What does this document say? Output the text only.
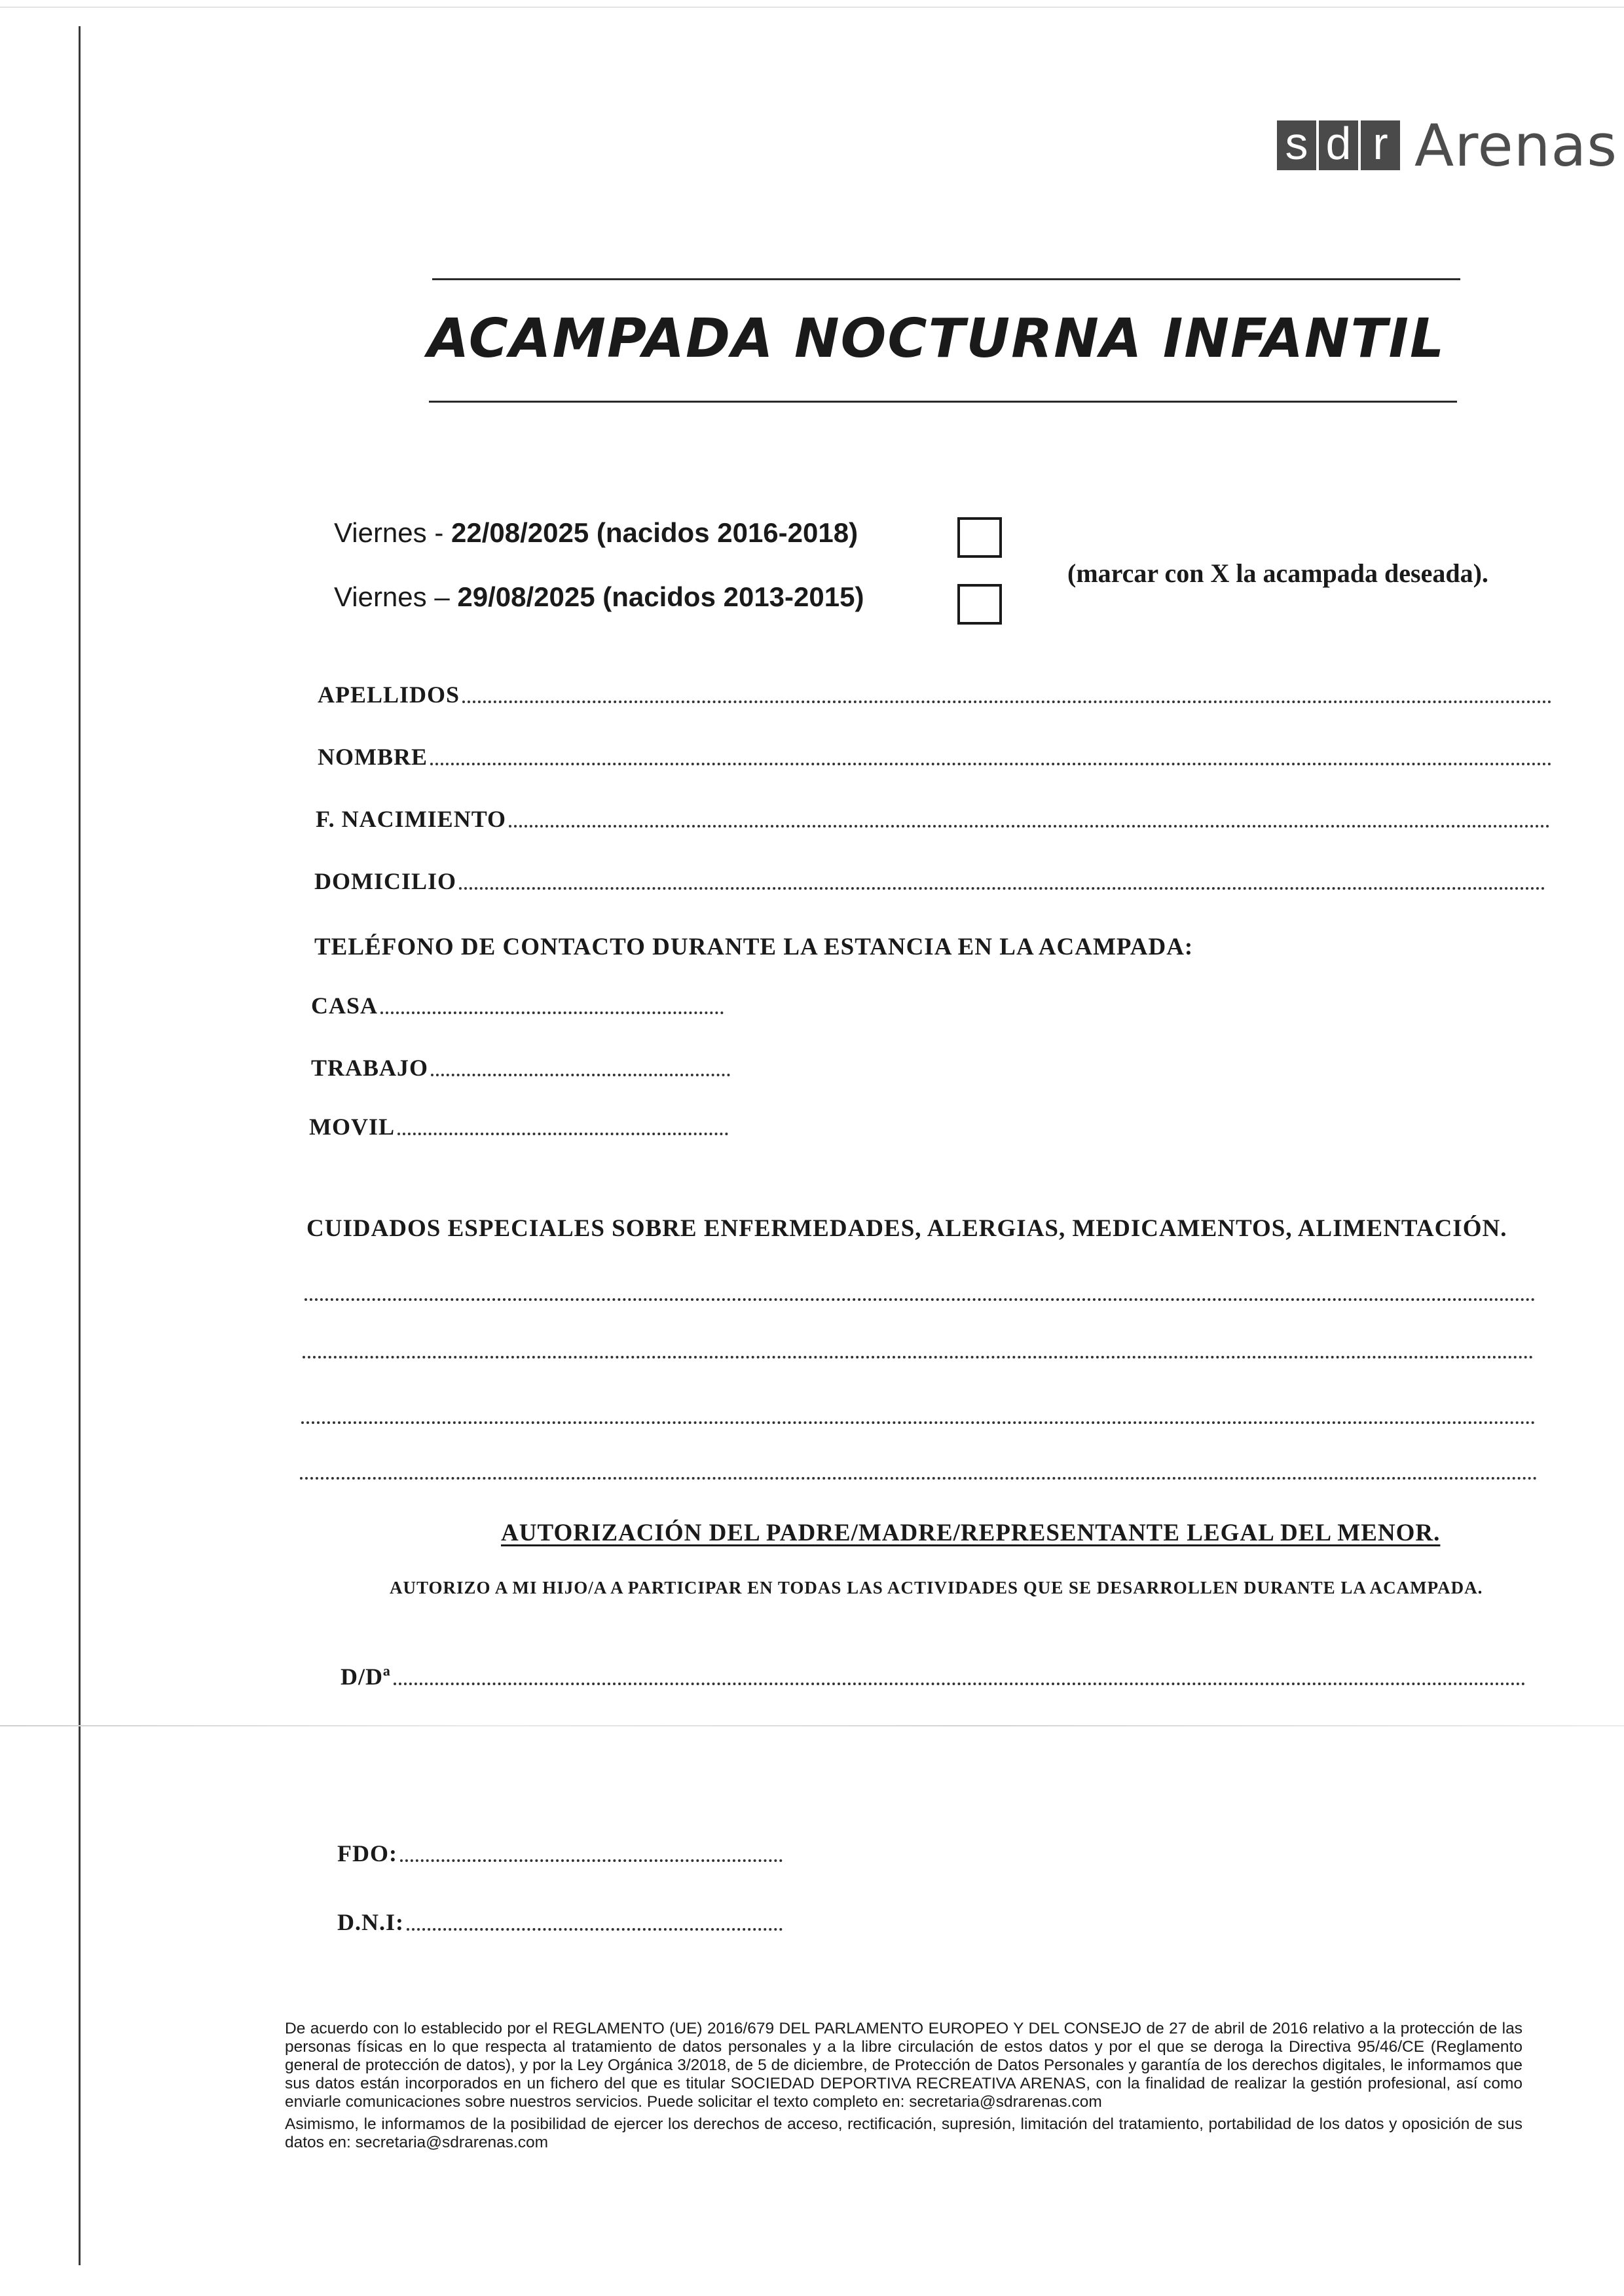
s d r Arenas
ACAMPADA NOCTURNA INFANTIL
Viernes - 22/08/2025 (nacidos 2016-2018)
Viernes – 29/08/2025 (nacidos 2013-2015)
(marcar con X la acampada deseada).
APELLIDOS
NOMBRE
F. NACIMIENTO
DOMICILIO
TELÉFONO DE CONTACTO DURANTE LA ESTANCIA EN LA ACAMPADA:
CASA
TRABAJO
MOVIL
CUIDADOS ESPECIALES SOBRE ENFERMEDADES, ALERGIAS, MEDICAMENTOS, ALIMENTACIÓN.
AUTORIZACIÓN DEL PADRE/MADRE/REPRESENTANTE LEGAL DEL MENOR.
AUTORIZO A MI HIJO/A A PARTICIPAR EN TODAS LAS ACTIVIDADES QUE SE DESARROLLEN DURANTE LA ACAMPADA.
D/Dª
FDO:
D.N.I:
De acuerdo con lo establecido por el REGLAMENTO (UE) 2016/679 DEL PARLAMENTO EUROPEO Y DEL CONSEJO de 27 de abril de 2016 relativo a la protección de las personas físicas en lo que respecta al tratamiento de datos personales y a la libre circulación de estos datos y por el que se deroga la Directiva 95/46/CE (Reglamento general de protección de datos), y por la Ley Orgánica 3/2018, de 5 de diciembre, de Protección de Datos Personales y garantía de los derechos digitales, le informamos que sus datos están incorporados en un fichero del que es titular SOCIEDAD DEPORTIVA RECREATIVA ARENAS, con la finalidad de realizar la gestión profesional, así como enviarle comunicaciones sobre nuestros servicios. Puede solicitar el texto completo en: secretaria@sdrarenas.com
Asimismo, le informamos de la posibilidad de ejercer los derechos de acceso, rectificación, supresión, limitación del tratamiento, portabilidad de los datos y oposición de sus datos en: secretaria@sdrarenas.com
